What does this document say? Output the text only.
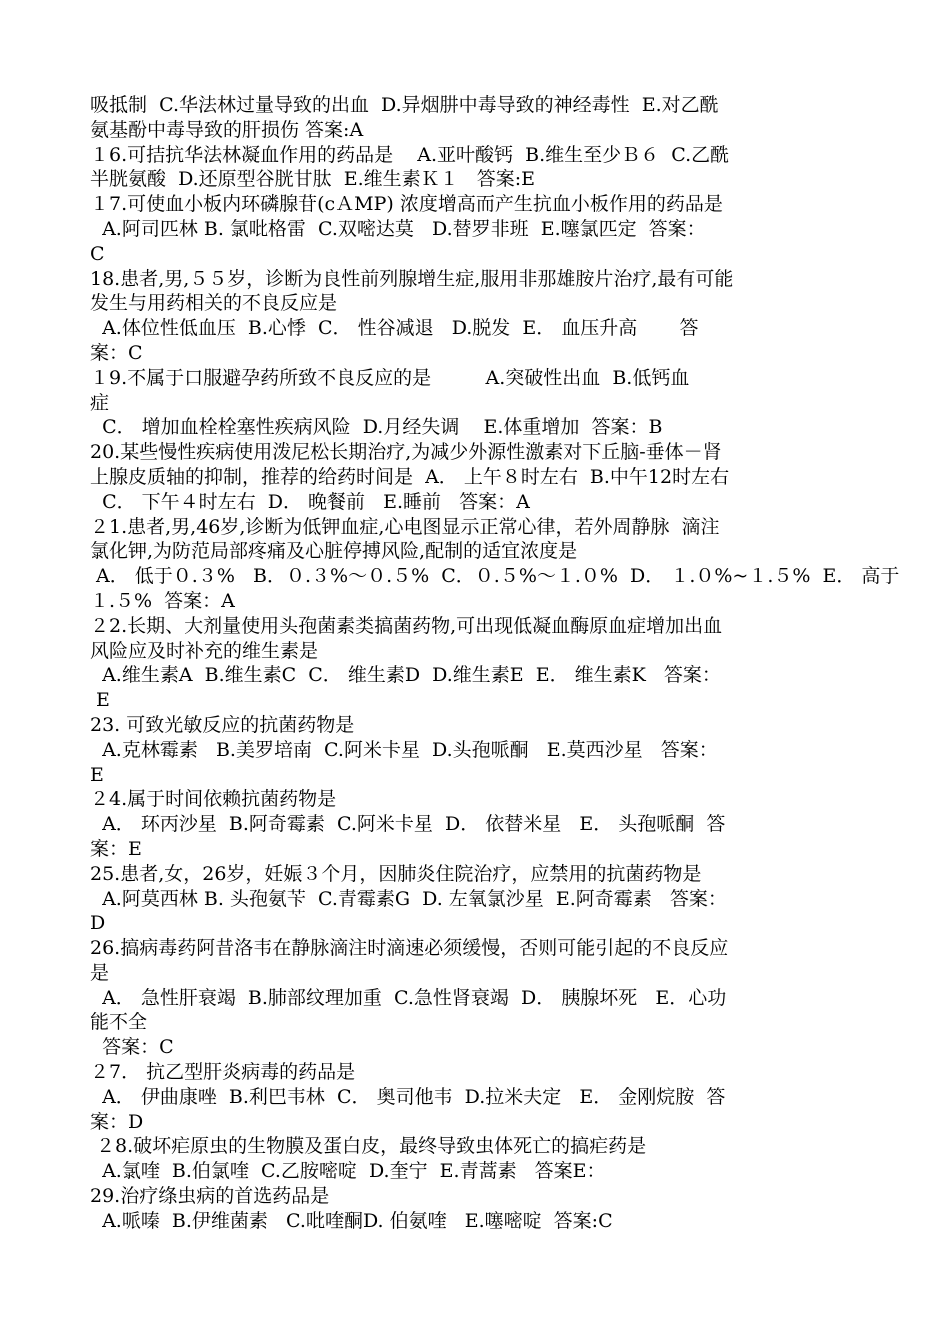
吸抵制  C.华法林过量导致的出血  D.异烟肼中毒导致的神经毒性  E.对乙酰
氨基酚中毒导致的肝损伤 答案:A
１6.可拮抗华法林凝血作用的药品是    A.亚叶酸钙  B.维生至少Ｂ６  C.乙酰
半胱氨酸  D.还原型谷胱甘肽  E.维生素Ｋ１   答案:E
１7.可使血小板内环磷腺苷(cＡMP) 浓度增高而产生抗血小板作用的药品是
A.阿司匹林 B. 氯吡格雷  C.双嘧达莫   D.替罗非班  E.噻氯匹定  答案：
C
18.患者,男,５５岁，诊断为良性前列腺增生症,服用非那雄胺片治疗,最有可能
发生与用药相关的不良反应是
A.体位性低血压  B.心悸  C． 性谷减退   D.脱发  E． 血压升高       答
案：C
１9.不属于口服避孕药所致不良反应的是         A.突破性出血  B.低钙血
症
C． 增加血栓栓塞性疾病风险  D.月经失调    E.体重增加  答案：B
20.某些慢性疾病使用泼尼松长期治疗,为减少外源性激素对下丘脑-垂体－肾
上腺皮质轴的抑制，推荐的给药时间是  A． 上午８时左右  B.中午12时左右
C． 下午４时左右  D． 晚餐前   E.睡前   答案：A
２1.患者,男,46岁,诊断为低钾血症,心电图显示正常心律，若外周静脉  滴注
氯化钾,为防范局部疼痛及心脏停搏风险,配制的适宜浓度是
A． 低于０.３%   B．０.３%～０.５%  C．０.５%～１.０%  D． １.０%~１.５%  E． 高于
１.５%  答案：A
２2.长期、大剂量使用头孢菌素类搞菌药物,可出现低凝血酶原血症增加出血
风险应及时补充的维生素是
A.维生素A  B.维生素C  C． 维生素D  D.维生素E  E． 维生素K   答案：
E
23. 可致光敏反应的抗菌药物是
A.克林霉素   B.美罗培南  C.阿米卡星  D.头孢哌酮   E.莫西沙星   答案：
E
２4.属于时间依赖抗菌药物是
A． 环丙沙星  B.阿奇霉素  C.阿米卡星  D． 依替米星   E． 头孢哌酮  答
案：E
25.患者,女，26岁，妊娠３个月，因肺炎住院治疗，应禁用的抗菌药物是
A.阿莫西林 B. 头孢氨苄  C.青霉素G  D. 左氧氯沙星  E.阿奇霉素   答案：
D
26.搞病毒药阿昔洛韦在静脉滴注时滴速必须缓慢，否则可能引起的不良反应
是
A． 急性肝衰竭  B.肺部纹理加重  C.急性肾衰竭  D． 胰腺坏死   E．心功
能不全
答案：C
２7． 抗乙型肝炎病毒的药品是
A． 伊曲康唑  B.利巴韦林  C． 奥司他韦  D.拉米夫定   E． 金刚烷胺  答
案：D
２8.破坏疟原虫的生物膜及蛋白皮，最终导致虫体死亡的搞疟药是
A.氯喹  B.伯氯喹  C.乙胺嘧啶  D.奎宁  E.青蒿素   答案E：
29.治疗绦虫病的首选药品是
A.哌嗪  B.伊维菌素   C.吡喹酮D. 伯氨喹   E.噻嘧啶  答案:C
